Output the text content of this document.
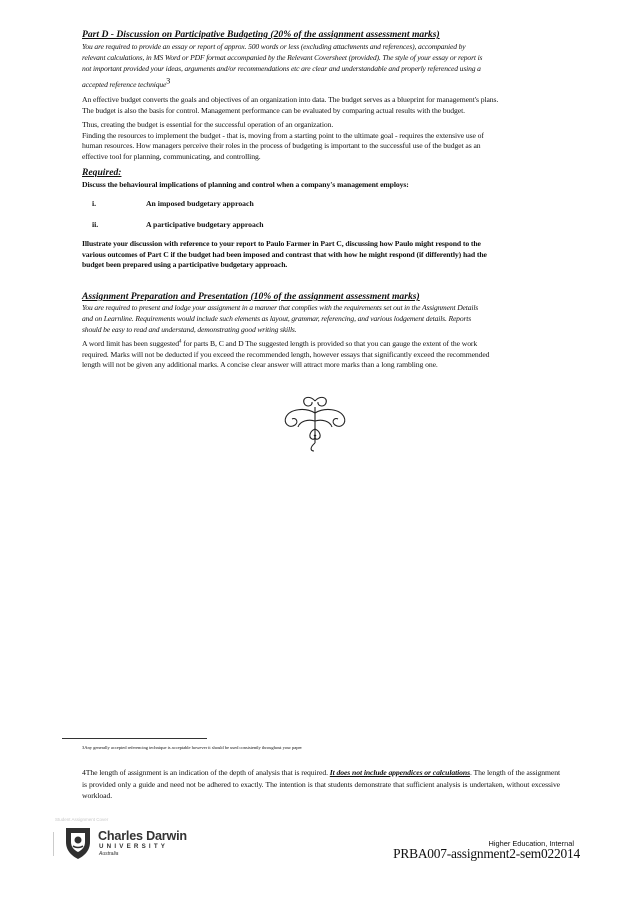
Part D - Discussion on Participative Budgeting (20% of the assignment assessment marks)
You are required to provide an essay or report of approx. 500 words or less (excluding attachments and references), accompanied by
relevant calculations, in MS Word or PDF format accompanied by the Relevant Coversheet (provided). The style of your essay or report is
not important provided your ideas, arguments and/or recommendations etc are clear and understandable and properly referenced using a
accepted reference technique3
An effective budget converts the goals and objectives of an organization into data. The budget serves as a blueprint for management's plans.
The budget is also the basis for control. Management performance can be evaluated by comparing actual results with the budget.
Thus, creating the budget is essential for the successful operation of an organization.
Finding the resources to implement the budget - that is, moving from a starting point to the ultimate goal - requires the extensive use of
human resources. How managers perceive their roles in the process of budgeting is important to the successful use of the budget as an
effective tool for planning, communicating, and controlling.
Required:
Discuss the behavioural implications of planning and control when a company's management employs:
i.	An imposed budgetary approach
ii.	A participative budgetary approach
Illustrate your discussion with reference to your report to Paulo Farmer in Part C, discussing how Paulo might respond to the
various outcomes of Part C if the budget had been imposed and contrast that with how he might respond (if differently) had the
budget been prepared using a participative budgetary approach.
Assignment Preparation and Presentation (10% of the assignment assessment marks)
You are required to present and lodge your assignment in a manner that complies with the requirements set out in the Assignment Details
and on Learnline. Requirements would include such elements as layout, grammar, referencing, and various lodgement details. Reports
should be easy to read and understand, demonstrating good writing skills.
A word limit has been suggested$^4$ for parts B, C and D The suggested length is provided so that you can gauge the extent of the work
required. Marks will not be deducted if you exceed the recommended length, however essays that significantly exceed the recommended
length will not be given any additional marks. A concise clear answer will attract more marks than a long rambling one.
3Any generally accepted referencing technique is acceptable however it should be used consistently throughout your paper
4The length of assignment is an indication of the depth of analysis that is required. It does not include appendices or calculations. The length of the assignment is provided only a guide and need not be adhered to exactly. The intention is that students demonstrate that sufficient analysis is undertaken, without excessive workload.
Student Assignment Cover
Charles Darwin
UNIVERSITY
Australia
Higher Education, Internal
PRBA007-assignment2-sem022014
